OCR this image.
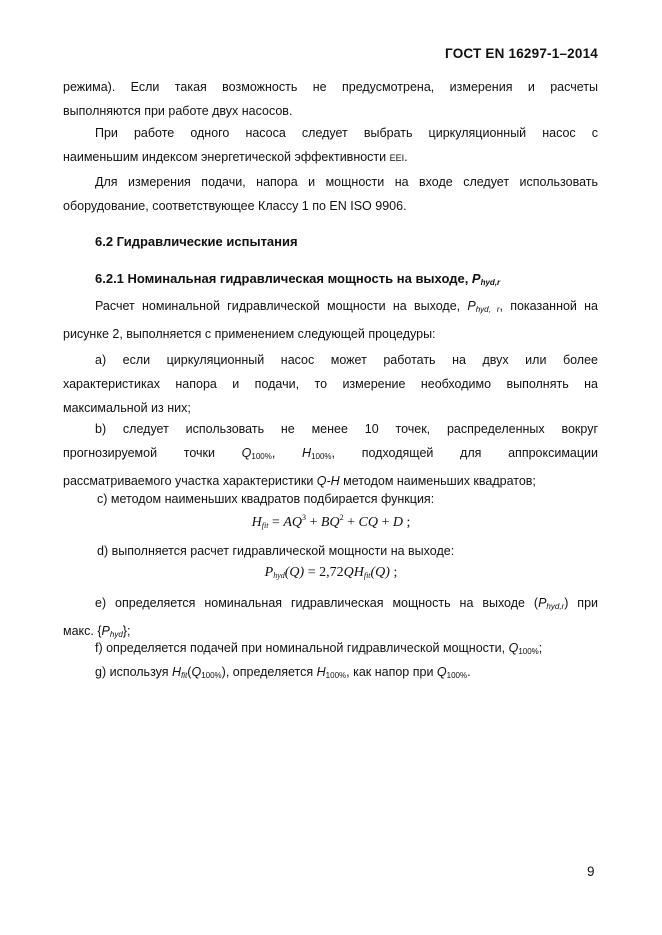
ГОСТ EN 16297-1–2014
режима). Если такая возможность не предусмотрена, измерения и расчеты
выполняются при работе двух насосов.
При работе одного насоса следует выбрать циркуляционный насос с
наименьшим индексом энергетической эффективности EEI.
Для измерения подачи, напора и мощности на входе следует использовать
оборудование, соответствующее Классу 1 по EN ISO 9906.
6.2 Гидравлические испытания
6.2.1 Номинальная гидравлическая мощность на выходе, $P_{hyd,r}$
Расчет номинальной гидравлической мощности на выходе, $P_{hyd, r}$, показанной на
рисунке 2, выполняется с применением следующей процедуры:
а) если циркуляционный насос может работать на двух или более
характеристиках напора и подачи, то измерение необходимо выполнять на
максимальной из них;
b) следует использовать не менее 10 точек, распределенных вокруг
прогнозируемой точки $Q_{100\%}$, $H_{100\%}$, подходящей для аппроксимации
рассматриваемого участка характеристики Q-H методом наименьших квадратов;
c) методом наименьших квадратов подбирается функция:
$H_{fit} = AQ^3 + BQ^2$ + CQ + D ;
d) выполняется расчет гидравлической мощности на выходе:
$P_{hyd}(Q) = 2,72QH_{fit}(Q)$ ;
e) определяется номинальная гидравлическая мощность на выходе $(P_{hyd,r})$ при
макс. $\{P_{hyd}\}$;
f) определяется подачей при номинальной гидравлической мощности, $Q_{100\%}$;
g) используя $H_{fit}(Q_{100\%})$, определяется $H_{100\%}$, как напор при $Q_{100\%}$.
9
